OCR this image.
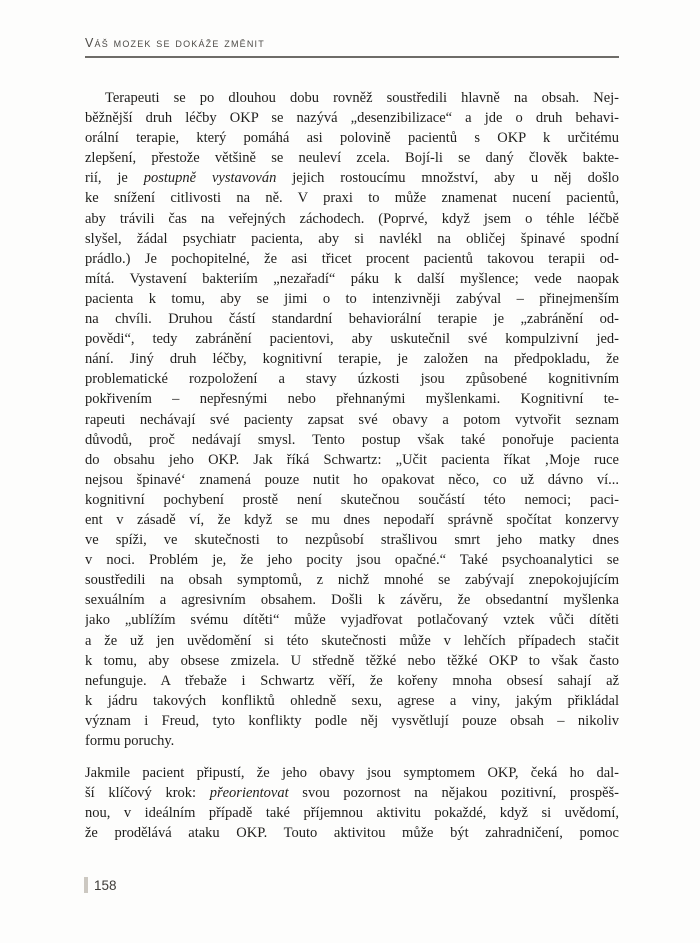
Váš mozek se dokáže změnit
Terapeuti se po dlouhou dobu rovněž soustředili hlavně na obsah. Nej-
běžnější druh léčby OKP se nazývá „desenzibilizace“ a jde o druh behavi-
orální terapie, který pomáhá asi polovině pacientů s OKP k určitému
zlepšení, přestože většině se neuleví zcela. Bojí-li se daný člověk bakte-
rií, je postupně vystavován jejich rostoucímu množství, aby u něj došlo
ke snížení citlivosti na ně. V praxi to může znamenat nucení pacientů,
aby trávili čas na veřejných záchodech. (Poprvé, když jsem o téhle léčbě
slyšel, žádal psychiatr pacienta, aby si navlékl na obličej špinavé spodní
prádlo.) Je pochopitelné, že asi třicet procent pacientů takovou terapii od-
mítá. Vystavení bakteriím „nezařadí“ páku k další myšlence; vede naopak
pacienta k tomu, aby se jimi o to intenzivněji zabýval – přinejmenším
na chvíli. Druhou částí standardní behaviorální terapie je „zabránění od-
povědi“, tedy zabránění pacientovi, aby uskutečnil své kompulzivní jed-
nání. Jiný druh léčby, kognitivní terapie, je založen na předpokladu, že
problematické rozpoložení a stavy úzkosti jsou způsobené kognitivním
pokřivením – nepřesnými nebo přehnanými myšlenkami. Kognitivní te-
rapeuti nechávají své pacienty zapsat své obavy a potom vytvořit seznam
důvodů, proč nedávají smysl. Tento postup však také ponořuje pacienta
do obsahu jeho OKP. Jak říká Schwartz: „Učit pacienta říkat ‚Moje ruce
nejsou špinavé‘ znamená pouze nutit ho opakovat něco, co už dávno ví...
kognitivní pochybení prostě není skutečnou součástí této nemoci; paci-
ent v zásadě ví, že když se mu dnes nepodaří správně spočítat konzervy
ve spíži, ve skutečnosti to nezpůsobí strašlivou smrt jeho matky dnes
v noci. Problém je, že jeho pocity jsou opačné.“ Také psychoanalytici se
soustředili na obsah symptomů, z nichž mnohé se zabývají znepokojujícím
sexuálním a agresivním obsahem. Došli k závěru, že obsedantní myšlenka
jako „ublížím svému dítěti“ může vyjadřovat potlačovaný vztek vůči dítěti
a že už jen uvědomění si této skutečnosti může v lehčích případech stačit
k tomu, aby obsese zmizela. U středně těžké nebo těžké OKP to však často
nefunguje. A třebaže i Schwartz věří, že kořeny mnoha obsesí sahají až
k jádru takových konfliktů ohledně sexu, agrese a viny, jakým přikládal
význam i Freud, tyto konflikty podle něj vysvětlují pouze obsah – nikoliv
formu poruchy.
Jakmile pacient připustí, že jeho obavy jsou symptomem OKP, čeká ho dal-
ší klíčový krok: přeorientovat svou pozornost na nějakou pozitivní, prospěš-
nou, v ideálním případě také příjemnou aktivitu pokaždé, když si uvědomí,
že prodělává ataku OKP. Touto aktivitou může být zahradničení, pomoc
158
